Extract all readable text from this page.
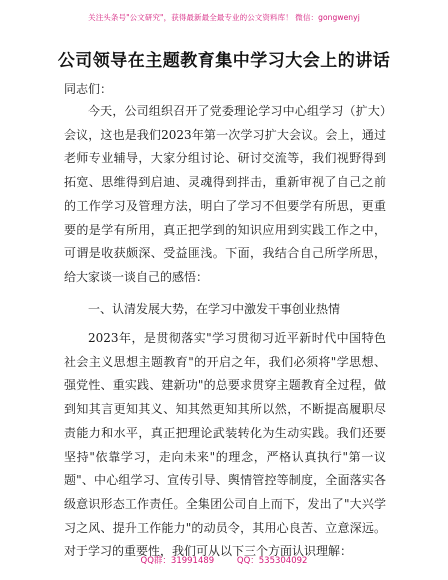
关注头条号"公文研究"，获得最新最全最专业的公文资料库！ 微信：gongwenyj
公司领导在主题教育集中学习大会上的讲话
同志们：

今天，公司组织召开了党委理论学习中心组学习（扩大）会议，这也是我们2023年第一次学习扩大会议。会上，通过老师专业辅导，大家分组讨论、研讨交流等，我们视野得到拓宽、思维得到启迪、灵魂得到拌击，重新审视了自己之前的工作学习及管理方法，明白了学习不但要学有所思，更重要的是学有所用，真正把学到的知识应用到实践工作之中，可谓是收获颇深、受益匪浅。下面，我结合自己所学所思，给大家谈一谈自己的感悟：

一、认清发展大势，在学习中激发干事创业热情

2023年，是贯彻落实"学习贯彻习近平新时代中国特色社会主义思想主题教育"的开启之年，我们必须将"学思想、强党性、重实践、建新功"的总要求贯穿主题教育全过程，做到知其言更知其义、知其然更知其所以然，不断提高履职尽责能力和水平，真正把理论武装转化为生动实践。我们还要坚持"依靠学习，走向未来"的理念，严格认真执行"第一议题"、中心组学习、宣传引导、舆情管控等制度，全面落实各级意识形态工作责任。全集团公司自上而下，发出了"大兴学习之风、提升工作能力"的动员令，其用心良苦、立意深远。对于学习的重要性，我们可从以下三个方面认识理解：

QQ群：31991489	QQ：535304092
